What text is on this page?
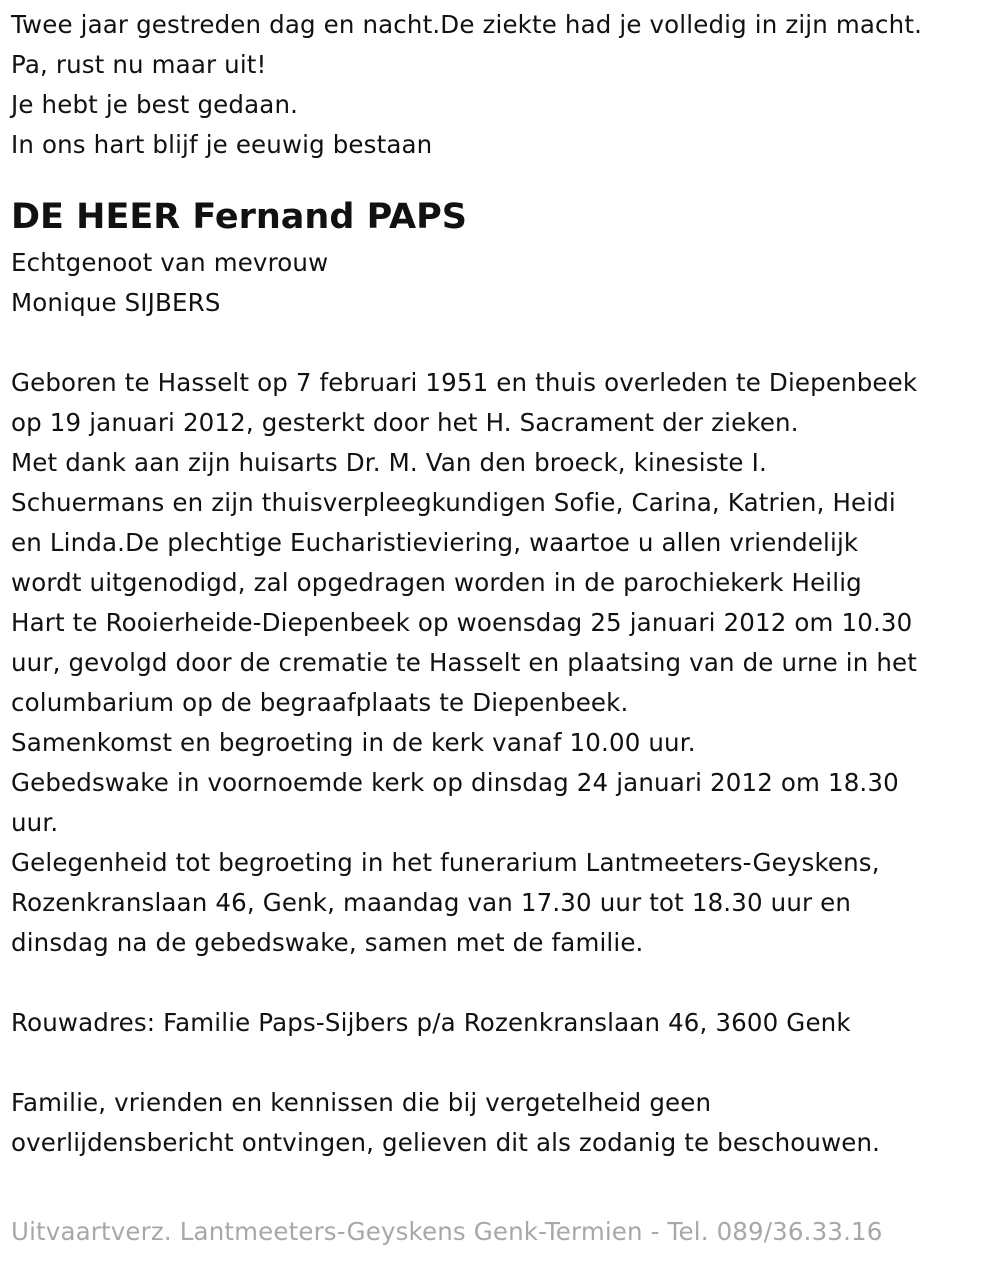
Twee jaar gestreden dag en nacht.De ziekte had je volledig in zijn macht.
Pa, rust nu maar uit!
Je hebt je best gedaan.
In ons hart blijf je eeuwig bestaan
DE HEER Fernand PAPS
Echtgenoot van mevrouw
Monique SIJBERS
Geboren te Hasselt op 7 februari 1951 en thuis overleden te Diepenbeek
op 19 januari 2012, gesterkt door het H. Sacrament der zieken.
Met dank aan zijn huisarts Dr. M. Van den broeck, kinesiste I.
Schuermans en zijn thuisverpleegkundigen Sofie, Carina, Katrien, Heidi
en Linda.De plechtige Eucharistieviering, waartoe u allen vriendelijk
wordt uitgenodigd, zal opgedragen worden in de parochiekerk Heilig
Hart te Rooierheide-Diepenbeek op woensdag 25 januari 2012 om 10.30
uur, gevolgd door de crematie te Hasselt en plaatsing van de urne in het
columbarium op de begraafplaats te Diepenbeek.
Samenkomst en begroeting in de kerk vanaf 10.00 uur.
Gebedswake in voornoemde kerk op dinsdag 24 januari 2012 om 18.30
uur.
Gelegenheid tot begroeting in het funerarium Lantmeeters-Geyskens,
Rozenkranslaan 46, Genk, maandag van 17.30 uur tot 18.30 uur en
dinsdag na de gebedswake, samen met de familie.
Rouwadres: Familie Paps-Sijbers p/a Rozenkranslaan 46, 3600 Genk
Familie, vrienden en kennissen die bij vergetelheid geen
overlijdensbericht ontvingen, gelieven dit als zodanig te beschouwen.
Uitvaartverz. Lantmeeters-Geyskens Genk-Termien - Tel. 089/36.33.16
